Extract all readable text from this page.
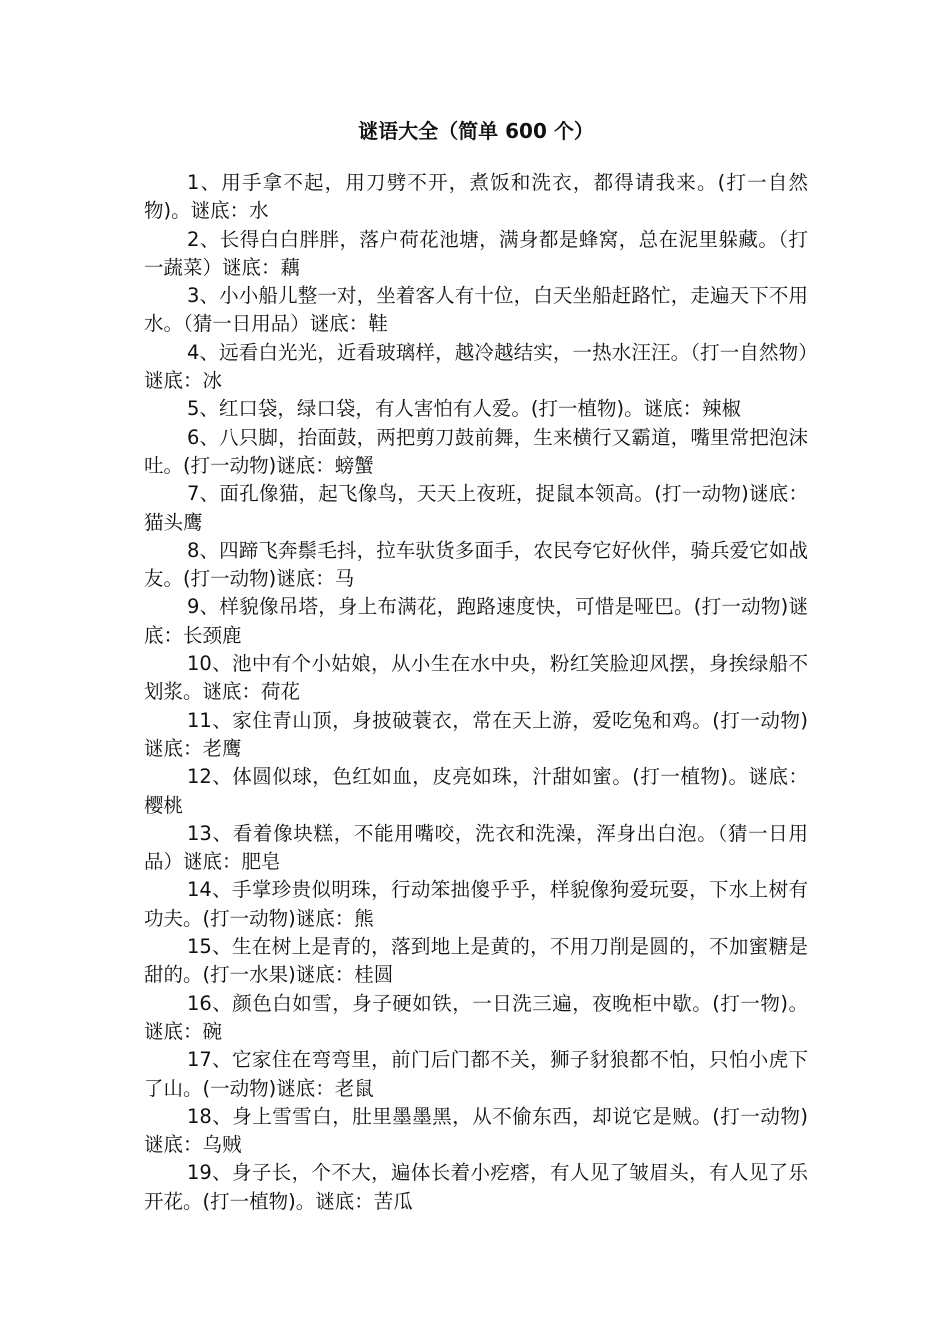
谜语大全（简单 600 个）

1、用手拿不起，用刀劈不开，煮饭和洗衣，都得请我来。(打一自然物)。谜底：水

2、长得白白胖胖，落户荷花池塘，满身都是蜂窝，总在泥里躲藏。（打一蔬菜）谜底：藕

3、小小船儿整一对，坐着客人有十位，白天坐船赶路忙，走遍天下不用水。（猜一日用品）谜底：鞋

4、远看白光光，近看玻璃样，越冷越结实，一热水汪汪。（打一自然物）谜底：冰

5、红口袋，绿口袋，有人害怕有人爱。(打一植物)。谜底：辣椒

6、八只脚，抬面鼓，两把剪刀鼓前舞，生来横行又霸道，嘴里常把泡沫吐。(打一动物)谜底：螃蟹

7、面孔像猫，起飞像鸟，天天上夜班，捉鼠本领高。(打一动物)谜底：猫头鹰

8、四蹄飞奔鬃毛抖，拉车驮货多面手，农民夸它好伙伴，骑兵爱它如战友。(打一动物)谜底：马

9、样貌像吊塔，身上布满花，跑路速度快，可惜是哑巴。(打一动物)谜底：长颈鹿

10、池中有个小姑娘，从小生在水中央，粉红笑脸迎风摆，身挨绿船不划浆。谜底：荷花

11、家住青山顶，身披破蓑衣，常在天上游，爱吃兔和鸡。(打一动物)谜底：老鹰

12、体圆似球，色红如血，皮亮如珠，汁甜如蜜。(打一植物)。谜底：樱桃

13、看着像块糕，不能用嘴咬，洗衣和洗澡，浑身出白泡。（猜一日用品）谜底：肥皂

14、手掌珍贵似明珠，行动笨拙傻乎乎，样貌像狗爱玩耍，下水上树有功夫。(打一动物)谜底：熊

15、生在树上是青的，落到地上是黄的，不用刀削是圆的，不加蜜糖是甜的。(打一水果)谜底：桂圆

16、颜色白如雪，身子硬如铁，一日洗三遍，夜晚柜中歇。(打一物)。谜底：碗

17、它家住在弯弯里，前门后门都不关，狮子豺狼都不怕，只怕小虎下了山。(一动物)谜底：老鼠

18、身上雪雪白，肚里墨墨黑，从不偷东西，却说它是贼。(打一动物)谜底：乌贼

19、身子长，个不大，遍体长着小疙瘩，有人见了皱眉头，有人见了乐开花。(打一植物)。谜底：苦瓜
